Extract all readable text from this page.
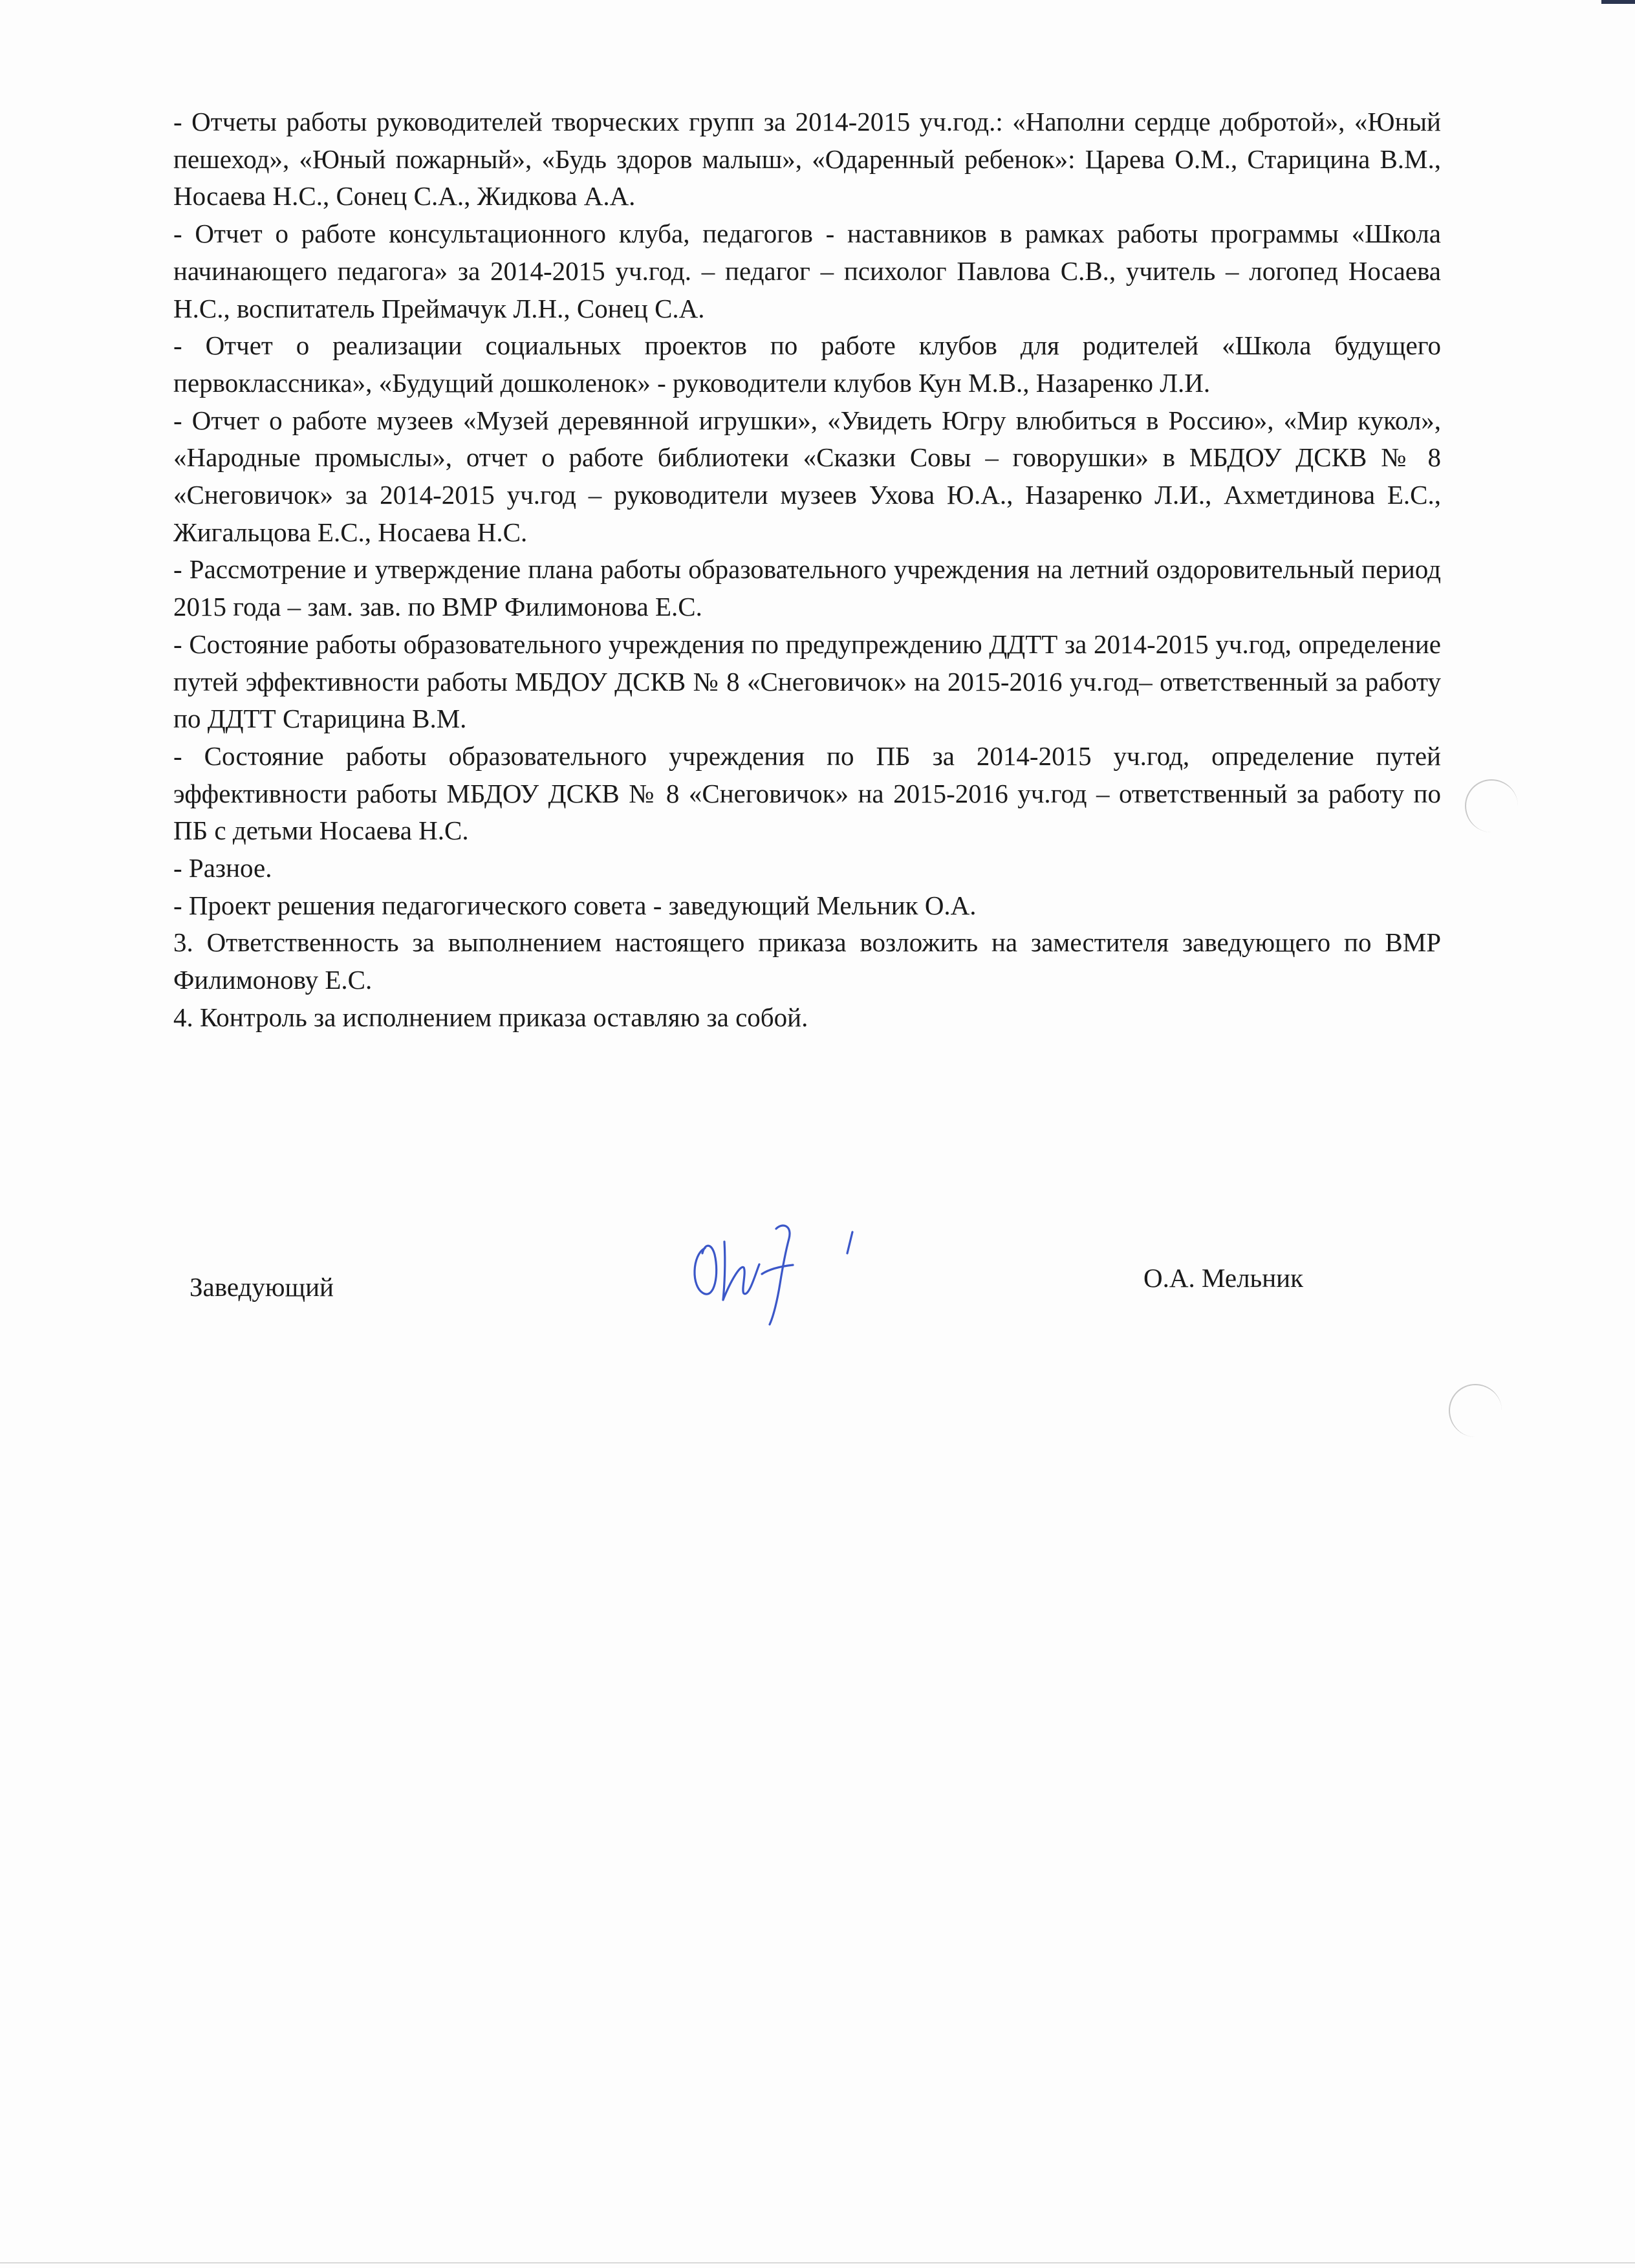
- Отчеты работы руководителей творческих групп за 2014-2015 уч.год.: «Наполни сердце добротой», «Юный пешеход», «Юный пожарный», «Будь здоров малыш», «Одаренный ребенок»: Царева О.М., Старицина В.М., Носаева Н.С., Сонец С.А., Жидкова А.А.

- Отчет о работе консультационного клуба, педагогов - наставников в рамках работы программы «Школа начинающего педагога» за 2014-2015 уч.год. – педагог – психолог Павлова С.В., учитель – логопед Носаева Н.С., воспитатель Преймачук Л.Н., Сонец С.А.

- Отчет о реализации социальных проектов по работе клубов для родителей «Школа будущего первоклассника», «Будущий дошколенок» - руководители клубов Кун М.В., Назаренко Л.И.

- Отчет о работе музеев «Музей деревянной игрушки», «Увидеть Югру влюбиться в Россию», «Мир кукол», «Народные промыслы», отчет о работе библиотеки «Сказки Совы – говорушки» в МБДОУ ДСКВ № 8 «Снеговичок» за 2014-2015 уч.год – руководители музеев Ухова Ю.А., Назаренко Л.И., Ахметдинова Е.С., Жигальцова Е.С., Носаева Н.С.

- Рассмотрение и утверждение плана работы образовательного учреждения на летний оздоровительный период 2015 года – зам. зав. по ВМР Филимонова Е.С.

- Состояние работы образовательного учреждения по предупреждению ДДТТ за 2014-2015 уч.год, определение путей эффективности работы МБДОУ ДСКВ № 8 «Снеговичок» на 2015-2016 уч.год– ответственный за работу по ДДТТ Старицина В.М.

- Состояние работы образовательного учреждения по ПБ за 2014-2015 уч.год, определение путей эффективности работы МБДОУ ДСКВ № 8 «Снеговичок» на 2015-2016 уч.год – ответственный за работу по ПБ с детьми Носаева Н.С.

- Разное.

- Проект решения педагогического совета - заведующий Мельник О.А.

3. Ответственность за выполнением настоящего приказа возложить на заместителя заведующего по ВМР Филимонову Е.С.

4. Контроль за исполнением приказа оставляю за собой.

Заведующий	О.А. Мельник
